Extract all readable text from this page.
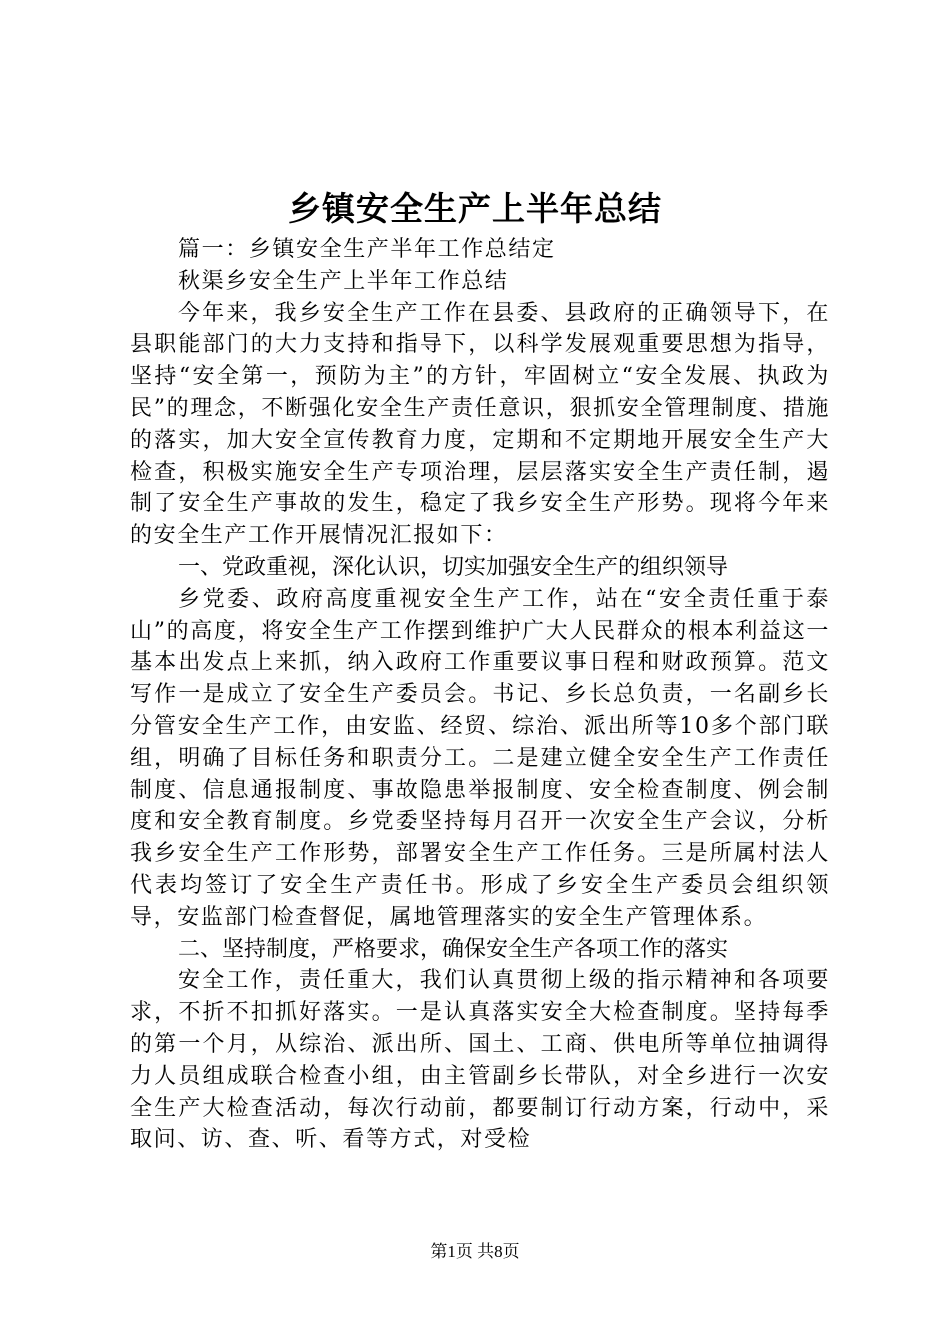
乡镇安全生产上半年总结

篇一：乡镇安全生产半年工作总结定

秋渠乡安全生产上半年工作总结

今年来，我乡安全生产工作在县委、县政府的正确领导下，在县职能部门的大力支持和指导下，以科学发展观重要思想为指导，坚持“安全第一，预防为主”的方针，牢固树立“安全发展、执政为民”的理念，不断强化安全生产责任意识，狠抓安全管理制度、措施的落实，加大安全宣传教育力度，定期和不定期地开展安全生产大检查，积极实施安全生产专项治理，层层落实安全生产责任制，遏制了安全生产事故的发生，稳定了我乡安全生产形势。现将今年来的安全生产工作开展情况汇报如下：

一、党政重视，深化认识，切实加强安全生产的组织领导

乡党委、政府高度重视安全生产工作，站在“安全责任重于泰山”的高度，将安全生产工作摆到维护广大人民群众的根本利益这一基本出发点上来抓，纳入政府工作重要议事日程和财政预算。范文写作一是成立了安全生产委员会。书记、乡长总负责，一名副乡长分管安全生产工作，由安监、经贸、综治、派出所等10多个部门联组，明确了目标任务和职责分工。二是建立健全安全生产工作责任制度、信息通报制度、事故隐患举报制度、安全检查制度、例会制度和安全教育制度。乡党委坚持每月召开一次安全生产会议，分析我乡安全生产工作形势，部署安全生产工作任务。三是所属村法人代表均签订了安全生产责任书。形成了乡安全生产委员会组织领导，安监部门检查督促，属地管理落实的安全生产管理体系。

二、坚持制度，严格要求，确保安全生产各项工作的落实

安全工作，责任重大，我们认真贯彻上级的指示精神和各项要求，不折不扣抓好落实。一是认真落实安全大检查制度。坚持每季的第一个月，从综治、派出所、国土、工商、供电所等单位抽调得力人员组成联合检查小组，由主管副乡长带队，对全乡进行一次安全生产大检查活动，每次行动前，都要制订行动方案，行动中，采取问、访、查、听、看等方式，对受检

第1页 共8页
